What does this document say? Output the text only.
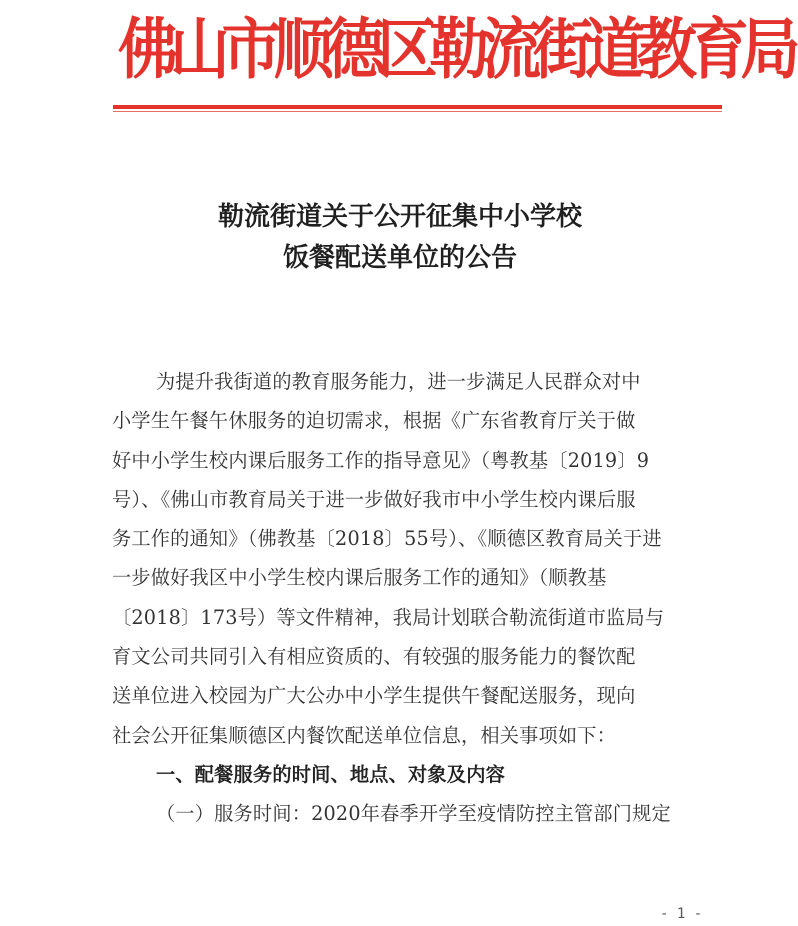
佛山市顺德区勒流街道教育局
勒流街道关于公开征集中小学校
饭餐配送单位的公告
为提升我街道的教育服务能力，进一步满足人民群众对中
小学生午餐午休服务的迫切需求，根据《广东省教育厅关于做
好中小学生校内课后服务工作的指导意见》（粤教基〔2019〕9
号）、《佛山市教育局关于进一步做好我市中小学生校内课后服
务工作的通知》（佛教基〔2018〕55号）、《顺德区教育局关于进
一步做好我区中小学生校内课后服务工作的通知》（顺教基
〔2018〕173号）等文件精神，我局计划联合勒流街道市监局与
育文公司共同引入有相应资质的、有较强的服务能力的餐饮配
送单位进入校园为广大公办中小学生提供午餐配送服务，现向
社会公开征集顺德区内餐饮配送单位信息，相关事项如下：
一、配餐服务的时间、地点、对象及内容
（一）服务时间：2020年春季开学至疫情防控主管部门规定
- 1 -
